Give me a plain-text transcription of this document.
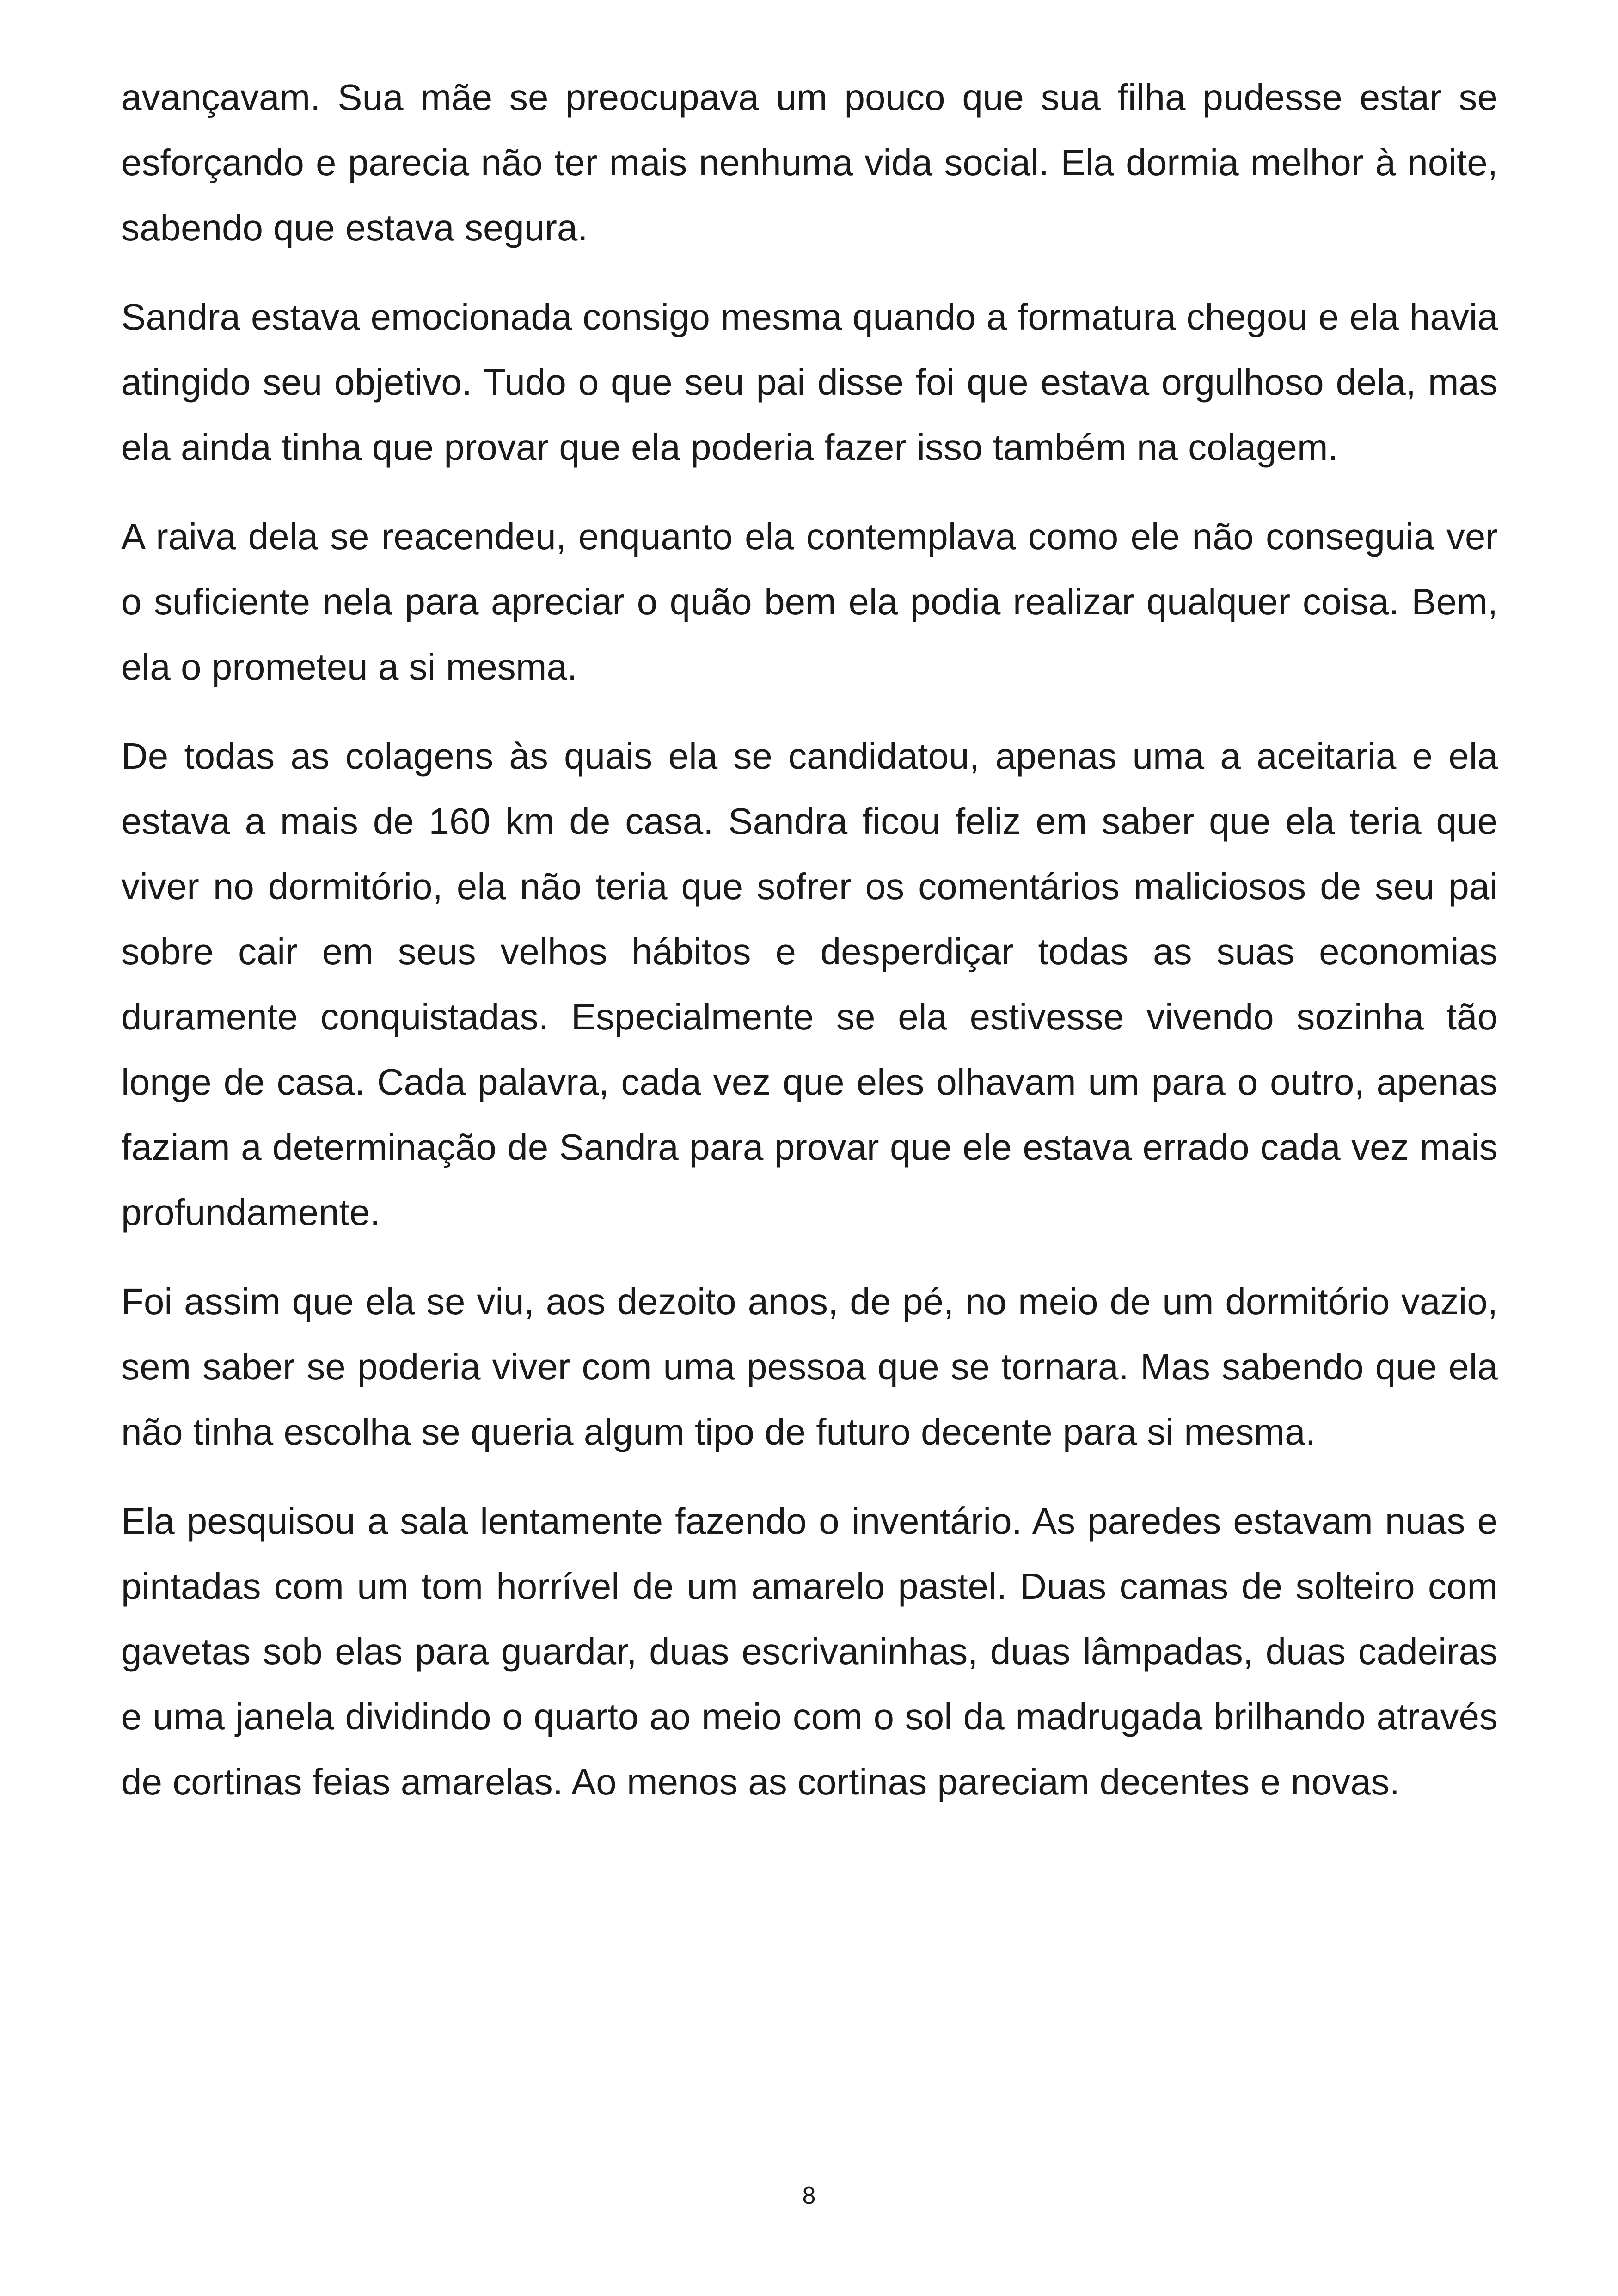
avançavam. Sua mãe se preocupava um pouco que sua filha pudesse estar se esforçando e parecia não ter mais nenhuma vida social. Ela dormia melhor à noite, sabendo que estava segura.

Sandra estava emocionada consigo mesma quando a formatura chegou e ela havia atingido seu objetivo. Tudo o que seu pai disse foi que estava orgulhoso dela, mas ela ainda tinha que provar que ela poderia fazer isso também na colagem.

A raiva dela se reacendeu, enquanto ela contemplava como ele não conseguia ver o suficiente nela para apreciar o quão bem ela podia realizar qualquer coisa. Bem, ela o prometeu a si mesma.

De todas as colagens às quais ela se candidatou, apenas uma a aceitaria e ela estava a mais de 160 km de casa. Sandra ficou feliz em saber que ela teria que viver no dormitório, ela não teria que sofrer os comentários maliciosos de seu pai sobre cair em seus velhos hábitos e desperdiçar todas as suas economias duramente conquistadas. Especialmente se ela estivesse vivendo sozinha tão longe de casa. Cada palavra, cada vez que eles olhavam um para o outro, apenas faziam a determinação de Sandra para provar que ele estava errado cada vez mais profundamente.

Foi assim que ela se viu, aos dezoito anos, de pé, no meio de um dormitório vazio, sem saber se poderia viver com uma pessoa que se tornara. Mas sabendo que ela não tinha escolha se queria algum tipo de futuro decente para si mesma.

Ela pesquisou a sala lentamente fazendo o inventário. As paredes estavam nuas e pintadas com um tom horrível de um amarelo pastel. Duas camas de solteiro com gavetas sob elas para guardar, duas escrivaninhas, duas lâmpadas, duas cadeiras e uma janela dividindo o quarto ao meio com o sol da madrugada brilhando através de cortinas feias amarelas. Ao menos as cortinas pareciam decentes e novas.

8
